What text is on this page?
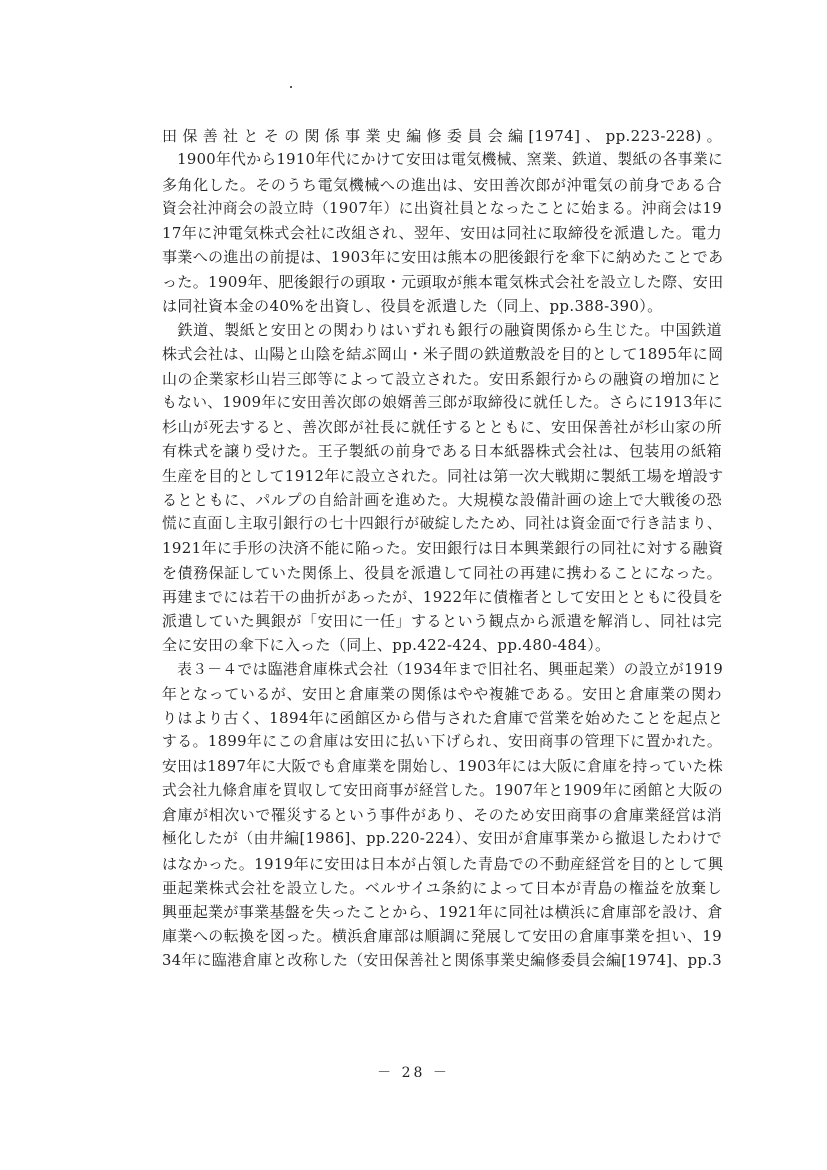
田保善社とその関係事業史編修委員会編[1974]、pp.223-228)。
　1900年代から1910年代にかけて安田は電気機械、窯業、鉄道、製紙の各事業に
多角化した。そのうち電気機械への進出は、安田善次郎が沖電気の前身である合
資会社沖商会の設立時（1907年）に出資社員となったことに始まる。沖商会は19
17年に沖電気株式会社に改組され、翌年、安田は同社に取締役を派遣した。電力
事業への進出の前提は、1903年に安田は熊本の肥後銀行を傘下に納めたことであ
った。1909年、肥後銀行の頭取・元頭取が熊本電気株式会社を設立した際、安田
は同社資本金の40%を出資し、役員を派遣した（同上、pp.388-390）。
　鉄道、製紙と安田との関わりはいずれも銀行の融資関係から生じた。中国鉄道
株式会社は、山陽と山陰を結ぶ岡山・米子間の鉄道敷設を目的として1895年に岡
山の企業家杉山岩三郎等によって設立された。安田系銀行からの融資の増加にと
もない、1909年に安田善次郎の娘婿善三郎が取締役に就任した。さらに1913年に
杉山が死去すると、善次郎が社長に就任するとともに、安田保善社が杉山家の所
有株式を譲り受けた。王子製紙の前身である日本紙器株式会社は、包装用の紙箱
生産を目的として1912年に設立された。同社は第一次大戦期に製紙工場を増設す
るとともに、パルプの自給計画を進めた。大規模な設備計画の途上で大戦後の恐
慌に直面し主取引銀行の七十四銀行が破綻したため、同社は資金面で行き詰まり、
1921年に手形の決済不能に陥った。安田銀行は日本興業銀行の同社に対する融資
を債務保証していた関係上、役員を派遣して同社の再建に携わることになった。
再建までには若干の曲折があったが、1922年に債権者として安田とともに役員を
派遣していた興銀が「安田に一任」するという観点から派遣を解消し、同社は完
全に安田の傘下に入った（同上、pp.422-424、pp.480-484）。
　表３－４では臨港倉庫株式会社（1934年まで旧社名、興亜起業）の設立が1919
年となっているが、安田と倉庫業の関係はやや複雑である。安田と倉庫業の関わ
りはより古く、1894年に函館区から借与された倉庫で営業を始めたことを起点と
する。1899年にこの倉庫は安田に払い下げられ、安田商事の管理下に置かれた。
安田は1897年に大阪でも倉庫業を開始し、1903年には大阪に倉庫を持っていた株
式会社九條倉庫を買収して安田商事が経営した。1907年と1909年に函館と大阪の
倉庫が相次いで罹災するという事件があり、そのため安田商事の倉庫業経営は消
極化したが（由井編[1986]、pp.220-224）、安田が倉庫事業から撤退したわけで
はなかった。1919年に安田は日本が占領した青島での不動産経営を目的として興
亜起業株式会社を設立した。ベルサイユ条約によって日本が青島の権益を放棄し
興亜起業が事業基盤を失ったことから、1921年に同社は横浜に倉庫部を設け、倉
庫業への転換を図った。横浜倉庫部は順調に発展して安田の倉庫事業を担い、19
34年に臨港倉庫と改称した（安田保善社と関係事業史編修委員会編[1974]、pp.3
－ 28 －
